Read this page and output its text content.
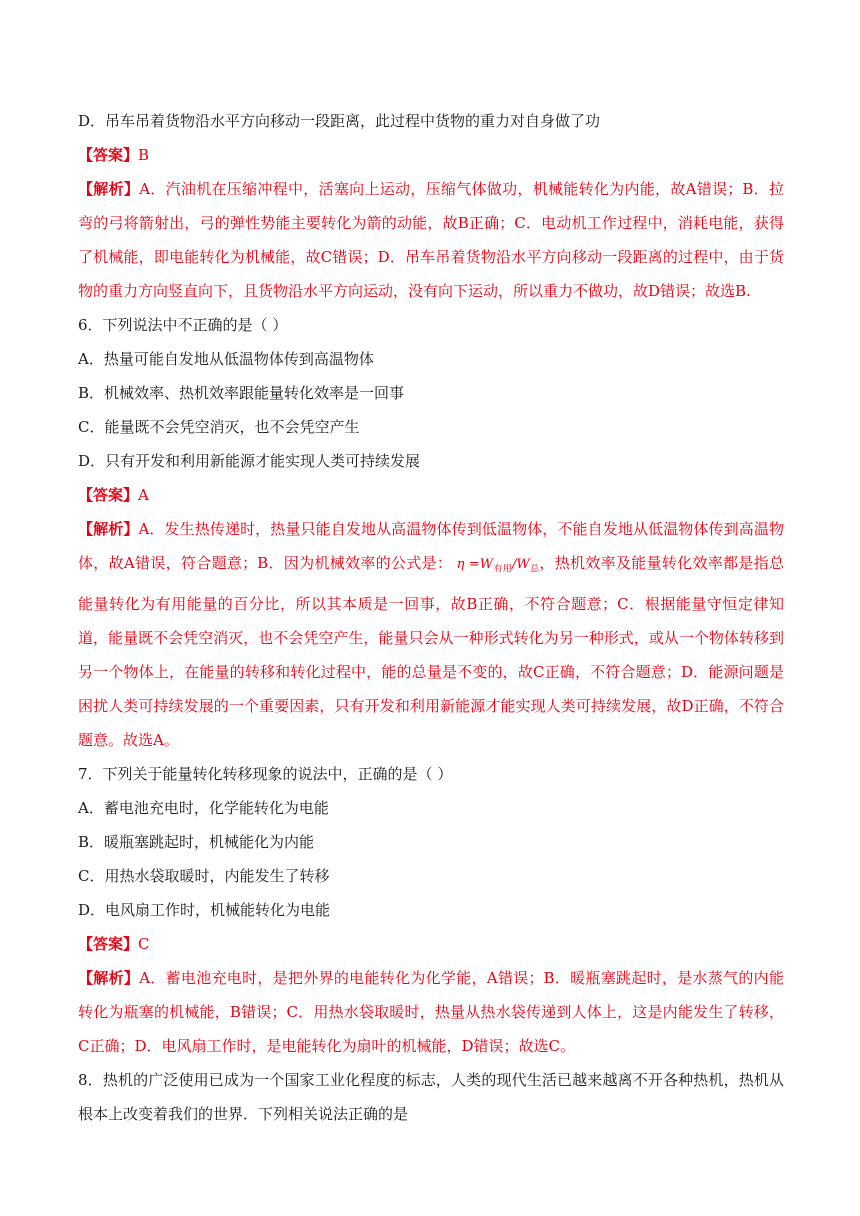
D．吊车吊着货物沿水平方向移动一段距离，此过程中货物的重力对自身做了功
【答案】B
【解析】A．汽油机在压缩冲程中，活塞向上运动，压缩气体做功，机械能转化为内能，故A错误；B．拉弯的弓将箭射出，弓的弹性势能主要转化为箭的动能，故B正确；C．电动机工作过程中，消耗电能，获得了机械能，即电能转化为机械能，故C错误；D．吊车吊着货物沿水平方向移动一段距离的过程中，由于货物的重力方向竖直向下，且货物沿水平方向运动，没有向下运动，所以重力不做功，故D错误；故选B.
6．下列说法中不正确的是（ ）
A．热量可能自发地从低温物体传到高温物体
B．机械效率、热机效率跟能量转化效率是一回事
C．能量既不会凭空消灭，也不会凭空产生
D．只有开发和利用新能源才能实现人类可持续发展
【答案】A
【解析】A．发生热传递时，热量只能自发地从高温物体传到低温物体，不能自发地从低温物体传到高温物体，故A错误，符合题意；B．因为机械效率的公式是： $\eta =W_{有用}/W_总$，热机效率及能量转化效率都是指总能量转化为有用能量的百分比，所以其本质是一回事，故B正确，不符合题意；C．根据能量守恒定律知道，能量既不会凭空消灭，也不会凭空产生，能量只会从一种形式转化为另一种形式，或从一个物体转移到另一个物体上，在能量的转移和转化过程中，能的总量是不变的，故C正确，不符合题意；D．能源问题是困扰人类可持续发展的一个重要因素，只有开发和利用新能源才能实现人类可持续发展，故D正确，不符合题意。故选A。
7．下列关于能量转化转移现象的说法中，正确的是（ ）
A．蓄电池充电时，化学能转化为电能
B．暖瓶塞跳起时，机械能化为内能
C．用热水袋取暖时，内能发生了转移
D．电风扇工作时，机械能转化为电能
【答案】C
【解析】A．蓄电池充电时，是把外界的电能转化为化学能，A错误；B．暖瓶塞跳起时，是水蒸气的内能转化为瓶塞的机械能，B错误；C．用热水袋取暖时，热量从热水袋传递到人体上，这是内能发生了转移，C正确；D．电风扇工作时，是电能转化为扇叶的机械能，D错误；故选C。
8．热机的广泛使用已成为一个国家工业化程度的标志，人类的现代生活已越来越离不开各种热机，热机从根本上改变着我们的世界．下列相关说法正确的是
